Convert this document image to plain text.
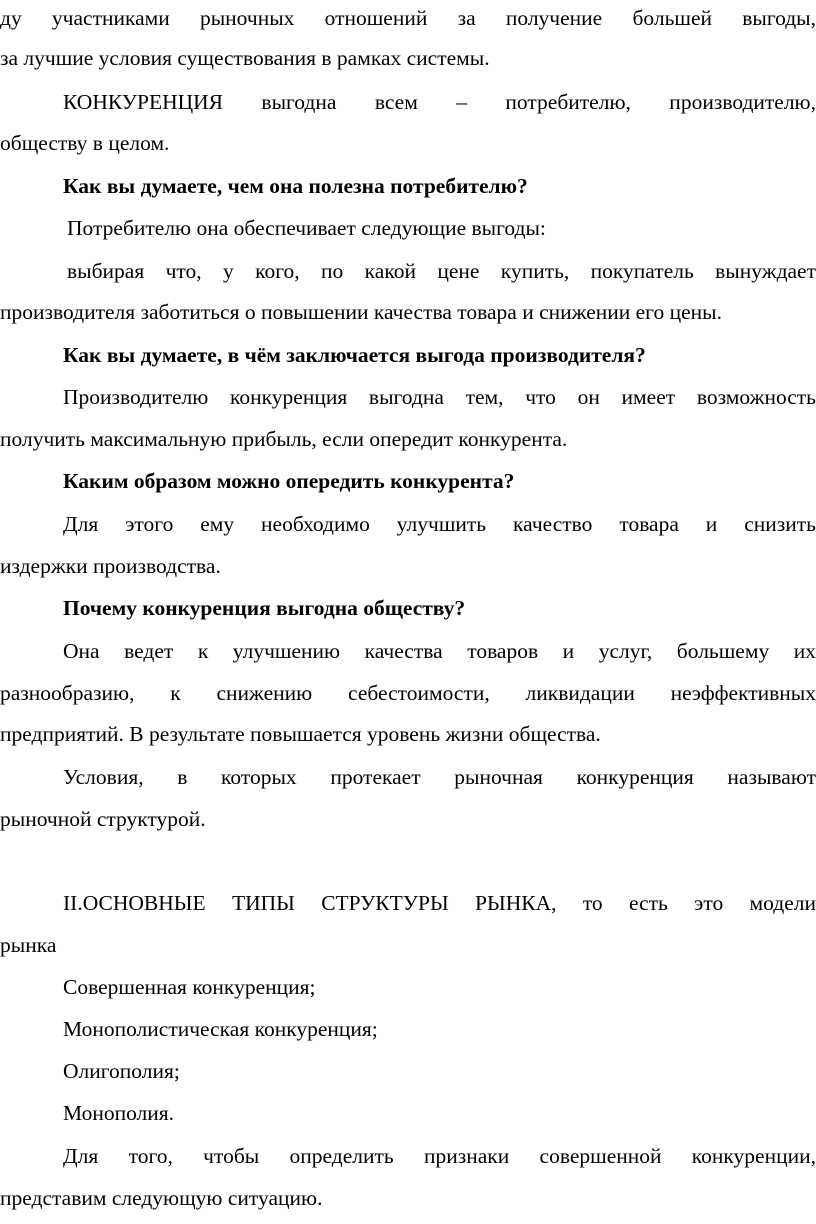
ду участниками рыночных отношений за получение большей выгоды,
за лучшие условия существования в рамках системы.
КОНКУРЕНЦИЯ выгодна всем – потребителю, производителю,
обществу в целом.
Как вы думаете, чем она полезна потребителю?
Потребителю она обеспечивает следующие выгоды:
выбирая что, у кого, по какой цене купить, покупатель вынуждает
производителя заботиться о повышении качества товара и снижении его цены.
Как вы думаете, в чём заключается выгода производителя?
Производителю конкуренция выгодна тем, что он имеет возможность
получить максимальную прибыль, если опередит конкурента.
Каким образом можно опередить конкурента?
Для этого ему необходимо улучшить качество товара и снизить
издержки производства.
Почему конкуренция выгодна обществу?
Она ведет к улучшению качества товаров и услуг, большему их
разнообразию, к снижению себестоимости, ликвидации неэффективных
предприятий. В результате повышается уровень жизни общества.
Условия, в которых протекает рыночная конкуренция называют
рыночной структурой.
II.ОСНОВНЫЕ ТИПЫ СТРУКТУРЫ РЫНКА, то есть это модели
рынка
Совершенная конкуренция;
Монополистическая конкуренция;
Олигополия;
Монополия.
Для того, чтобы определить признаки совершенной конкуренции,
представим следующую ситуацию.
